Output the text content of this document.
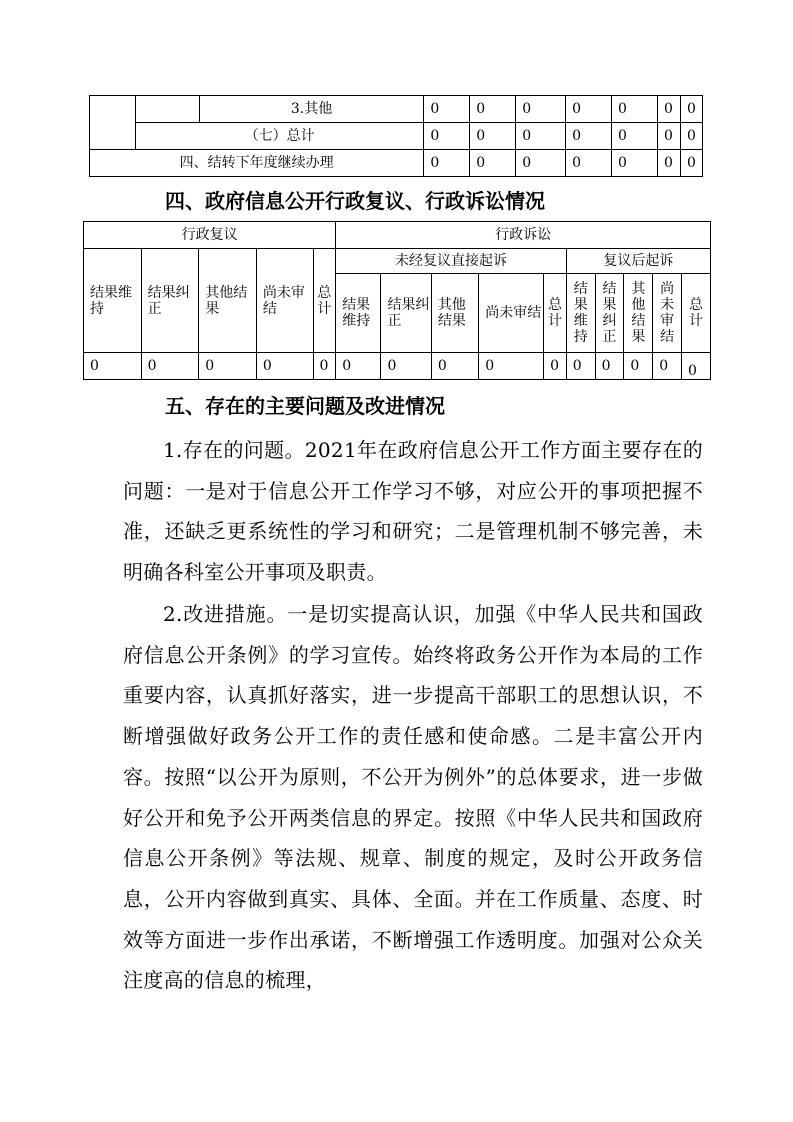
		3.其他	0	0	0	0	0	0	0
	（七）总计		0	0	0	0	0	0	0
四、结转下年度继续办理			0	0	0	0	0	0	0
四、政府信息公开行政复议、行政诉讼情况
行政复议					行政诉讼									
结果维持	结果纠正	其他结果	尚未审结	总计	未经复议直接起诉					复议后起诉				
					结果维持	结果纠正	其他结果	尚未审结	总计	结果维持	结果纠正	其他结果	尚未审结	总计

0	0	0	0	0	0	0	0	0	0	0	0	0	0	0
五、存在的主要问题及改进情况

1.存在的问题。2021年在政府信息公开工作方面主要存在的问题：一是对于信息公开工作学习不够，对应公开的事项把握不准，还缺乏更系统性的学习和研究；二是管理机制不够完善，未明确各科室公开事项及职责。

2.改进措施。一是切实提高认识，加强《中华人民共和国政府信息公开条例》的学习宣传。始终将政务公开作为本局的工作重要内容，认真抓好落实，进一步提高干部职工的思想认识，不断增强做好政务公开工作的责任感和使命感。二是丰富公开内容。按照“以公开为原则，不公开为例外”的总体要求，进一步做好公开和免予公开两类信息的界定。按照《中华人民共和国政府信息公开条例》等法规、规章、制度的规定，及时公开政务信息，公开内容做到真实、具体、全面。并在工作质量、态度、时效等方面进一步作出承诺，不断增强工作透明度。加强对公众关注度高的信息的梳理，
